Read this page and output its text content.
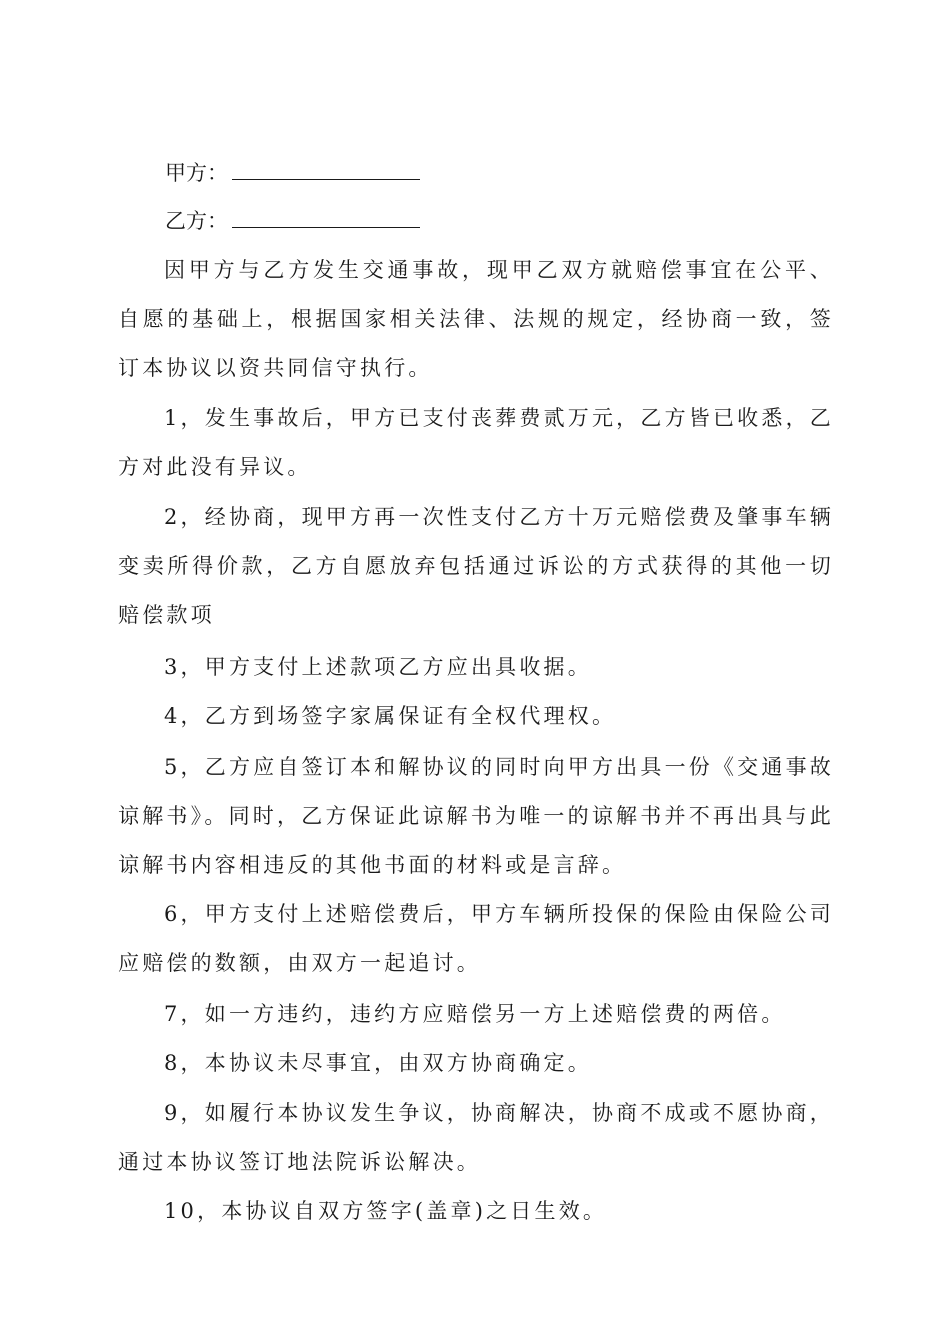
甲方：
乙方：

因甲方与乙方发生交通事故，现甲乙双方就赔偿事宜在公平、自愿的基础上，根据国家相关法律、法规的规定，经协商一致，签订本协议以资共同信守执行。

1，发生事故后，甲方已支付丧葬费贰万元，乙方皆已收悉，乙方对此没有异议。

2，经协商，现甲方再一次性支付乙方十万元赔偿费及肇事车辆变卖所得价款，乙方自愿放弃包括通过诉讼的方式获得的其他一切赔偿款项

3，甲方支付上述款项乙方应出具收据。

4，乙方到场签字家属保证有全权代理权。

5，乙方应自签订本和解协议的同时向甲方出具一份《交通事故谅解书》。同时，乙方保证此谅解书为唯一的谅解书并不再出具与此谅解书内容相违反的其他书面的材料或是言辞。

6，甲方支付上述赔偿费后，甲方车辆所投保的保险由保险公司应赔偿的数额，由双方一起追讨。

7，如一方违约，违约方应赔偿另一方上述赔偿费的两倍。

8，本协议未尽事宜，由双方协商确定。

9，如履行本协议发生争议，协商解决，协商不成或不愿协商，通过本协议签订地法院诉讼解决。

10，本协议自双方签字(盖章)之日生效。
